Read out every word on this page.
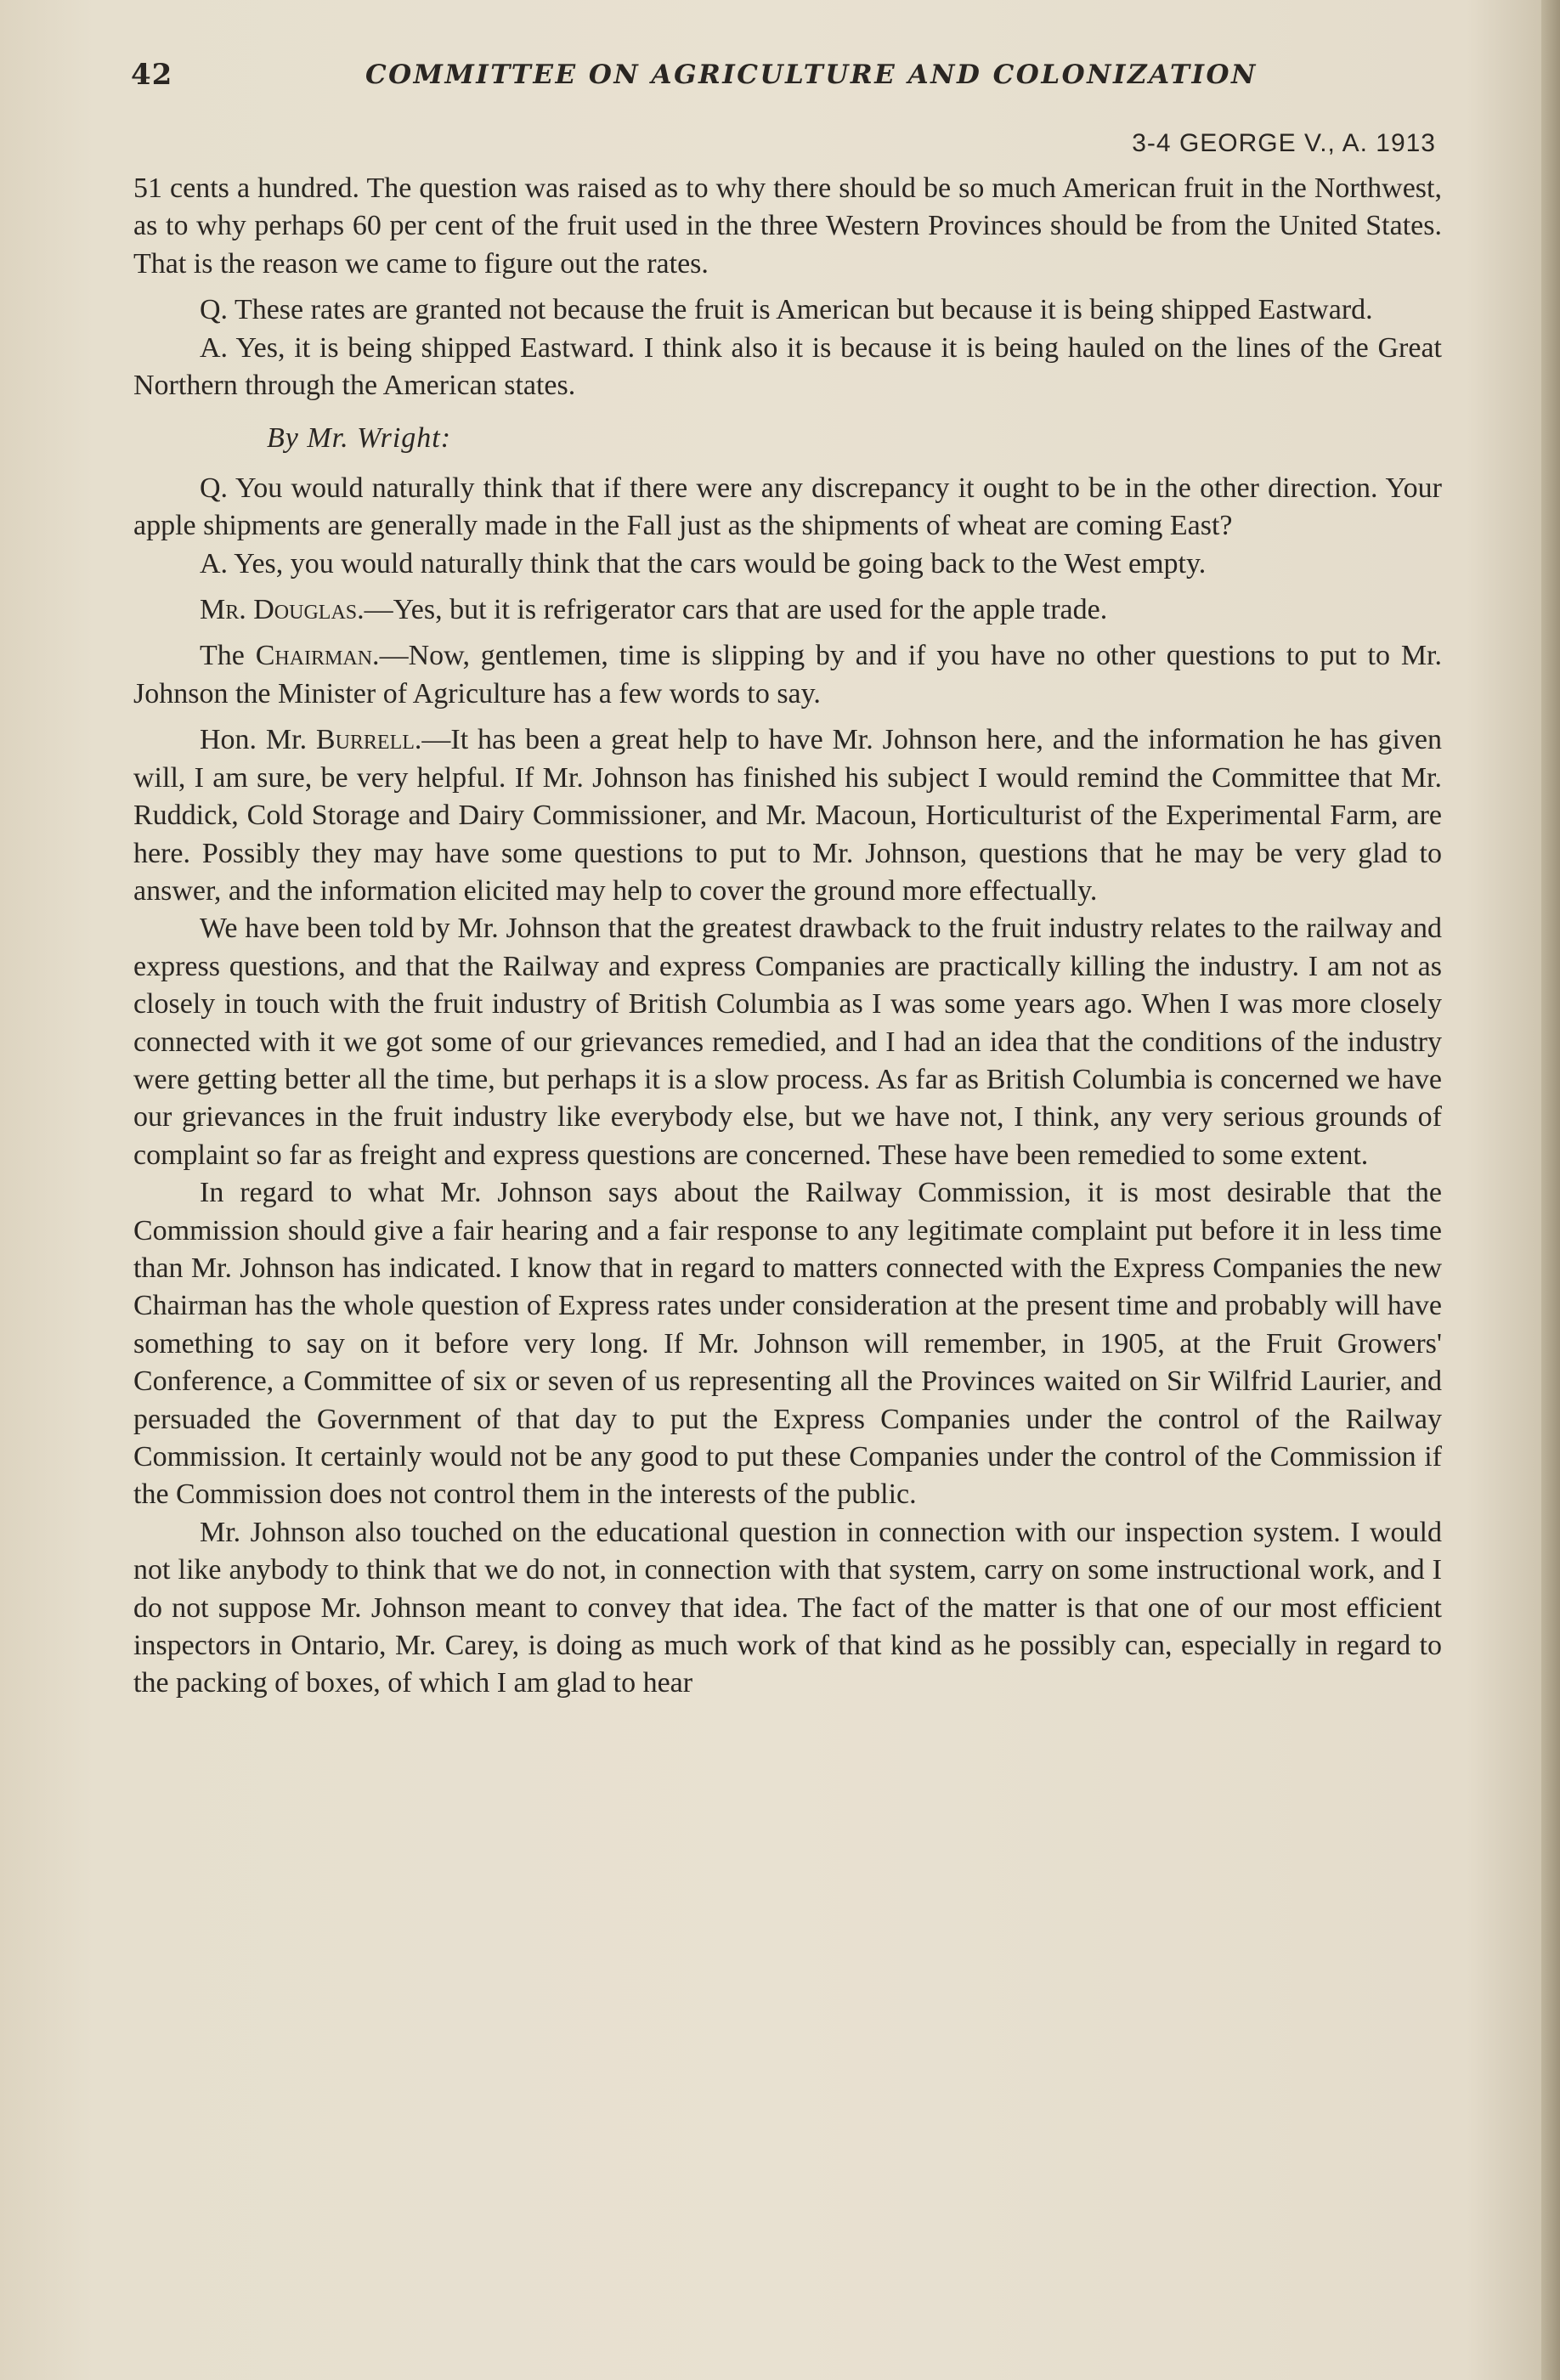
42	COMMITTEE ON AGRICULTURE AND COLONIZATION
3-4 GEORGE V., A. 1913

51 cents a hundred. The question was raised as to why there should be so much American fruit in the Northwest, as to why perhaps 60 per cent of the fruit used in the three Western Provinces should be from the United States. That is the reason we came to figure out the rates.

Q. These rates are granted not because the fruit is American but because it is being shipped Eastward.

A. Yes, it is being shipped Eastward. I think also it is because it is being hauled on the lines of the Great Northern through the American states.

By Mr. Wright:

Q. You would naturally think that if there were any discrepancy it ought to be in the other direction. Your apple shipments are generally made in the Fall just as the shipments of wheat are coming East?

A. Yes, you would naturally think that the cars would be going back to the West empty.

Mr. Douglas.—Yes, but it is refrigerator cars that are used for the apple trade.

The Chairman.—Now, gentlemen, time is slipping by and if you have no other questions to put to Mr. Johnson the Minister of Agriculture has a few words to say.

Hon. Mr. Burrell.—It has been a great help to have Mr. Johnson here, and the information he has given will, I am sure, be very helpful. If Mr. Johnson has finished his subject I would remind the Committee that Mr. Ruddick, Cold Storage and Dairy Commissioner, and Mr. Macoun, Horticulturist of the Experimental Farm, are here. Possibly they may have some questions to put to Mr. Johnson, questions that he may be very glad to answer, and the information elicited may help to cover the ground more effectually.

We have been told by Mr. Johnson that the greatest drawback to the fruit industry relates to the railway and express questions, and that the Railway and express Companies are practically killing the industry. I am not as closely in touch with the fruit industry of British Columbia as I was some years ago. When I was more closely connected with it we got some of our grievances remedied, and I had an idea that the conditions of the industry were getting better all the time, but perhaps it is a slow process. As far as British Columbia is concerned we have our grievances in the fruit industry like everybody else, but we have not, I think, any very serious grounds of complaint so far as freight and express questions are concerned. These have been remedied to some extent.

In regard to what Mr. Johnson says about the Railway Commission, it is most desirable that the Commission should give a fair hearing and a fair response to any legitimate complaint put before it in less time than Mr. Johnson has indicated. I know that in regard to matters connected with the Express Companies the new Chairman has the whole question of Express rates under consideration at the present time and probably will have something to say on it before very long. If Mr. Johnson will remember, in 1905, at the Fruit Growers' Conference, a Committee of six or seven of us representing all the Provinces waited on Sir Wilfrid Laurier, and persuaded the Government of that day to put the Express Companies under the control of the Railway Commission. It certainly would not be any good to put these Companies under the control of the Commission if the Commission does not control them in the interests of the public.

Mr. Johnson also touched on the educational question in connection with our inspection system. I would not like anybody to think that we do not, in connection with that system, carry on some instructional work, and I do not suppose Mr. Johnson meant to convey that idea. The fact of the matter is that one of our most efficient inspectors in Ontario, Mr. Carey, is doing as much work of that kind as he possibly can, especially in regard to the packing of boxes, of which I am glad to hear
